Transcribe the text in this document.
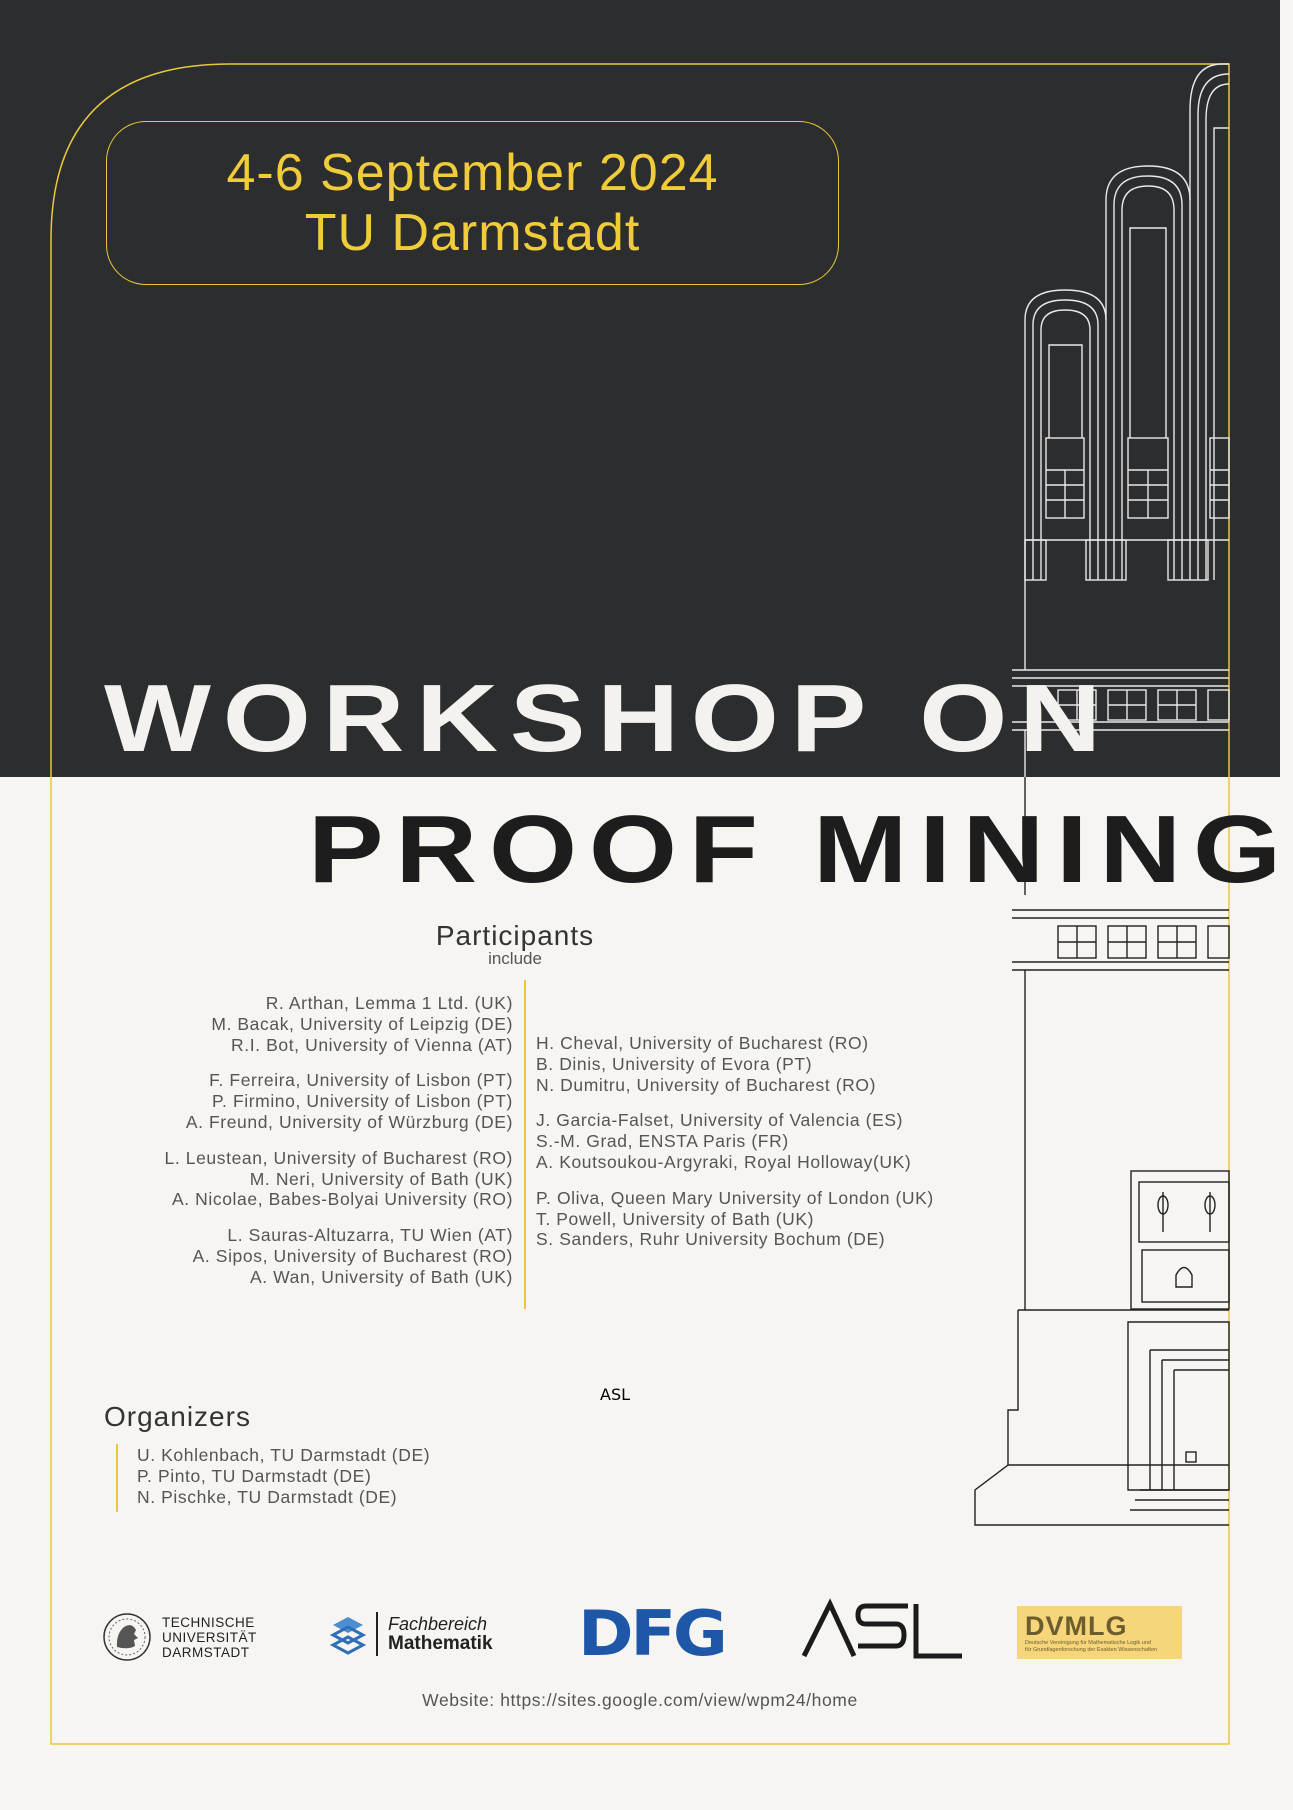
4-6 September 2024
TU Darmstadt
WORKSHOP ON
PROOF MINING
Participants
include
R. Arthan, Lemma 1 Ltd. (UK)
M. Bacak, University of Leipzig (DE)
R.I. Bot, University of Vienna (AT)
F. Ferreira, University of Lisbon (PT)
P. Firmino, University of Lisbon (PT)
A. Freund, University of Würzburg (DE)
L. Leustean, University of Bucharest (RO)
M. Neri, University of Bath (UK)
A. Nicolae, Babes-Bolyai University (RO)
L. Sauras-Altuzarra, TU Wien (AT)
A. Sipos, University of Bucharest (RO)
A. Wan, University of Bath (UK)
H. Cheval, University of Bucharest (RO)
B. Dinis, University of Evora (PT)
N. Dumitru, University of Bucharest (RO)
J. Garcia-Falset, University of Valencia (ES)
S.-M. Grad, ENSTA Paris (FR)
A. Koutsoukou-Argyraki, Royal Holloway(UK)
P. Oliva, Queen Mary University of London (UK)
T. Powell, University of Bath (UK)
S. Sanders, Ruhr University Bochum (DE)
Organizers
U. Kohlenbach, TU Darmstadt (DE)
P. Pinto, TU Darmstadt (DE)
N. Pischke, TU Darmstadt (DE)
TECHNISCHE
UNIVERSITÄT
DARMSTADT
Fachbereich
Mathematik DFG
ASL
DVMLG
Deutsche Vereinigung für Mathematische Logik und
für Grundlagenforschung der Exakten Wissenschaften
Website: https://sites.google.com/view/wpm24/home
